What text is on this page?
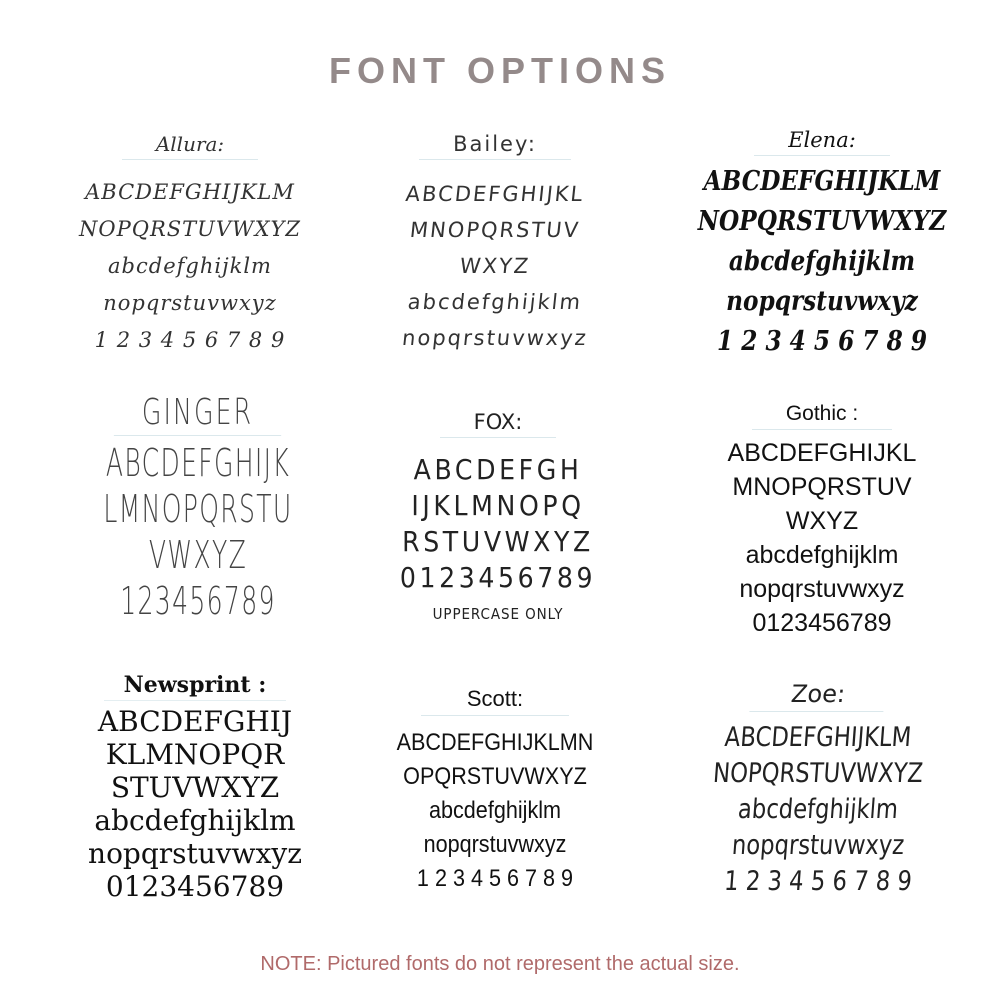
FONT OPTIONS
Allura:
ABCDEFGHIJKLM
NOPQRSTUVWXYZ
abcdefghijklm
nopqrstuvwxyz
1 2 3 4 5 6 7 8 9
Bailey:
ABCDEFGHIJKL
MNOPQRSTUV
WXYZ
abcdefghijklm
nopqrstuvwxyz
Elena:
ABCDEFGHIJKLM
NOPQRSTUVWXYZ
abcdefghijklm
nopqrstuvwxyz
1 2 3 4 5 6 7 8 9
GINGER
ABCDEFGHIJK
LMNOPQRSTU
VWXYZ
123456789
FOX:
ABCDEFGH
IJKLMNOPQ
RSTUVWXYZ
0123456789
UPPERCASE ONLY
Gothic :
ABCDEFGHIJKL
MNOPQRSTUV
WXYZ
abcdefghijklm
nopqrstuvwxyz
0123456789
Newsprint :
ABCDEFGHIJ
KLMNOPQR
STUVWXYZ
abcdefghijklm
nopqrstuvwxyz
0123456789
Scott:
ABCDEFGHIJKLMN
OPQRSTUVWXYZ
abcdefghijklm
nopqrstuvwxyz
1 2 3 4 5 6 7 8 9
Zoe:
ABCDEFGHIJKLM
NOPQRSTUVWXYZ
abcdefghijklm
nopqrstuvwxyz
1 2 3 4 5 6 7 8 9
NOTE: Pictured fonts do not represent the actual size.
